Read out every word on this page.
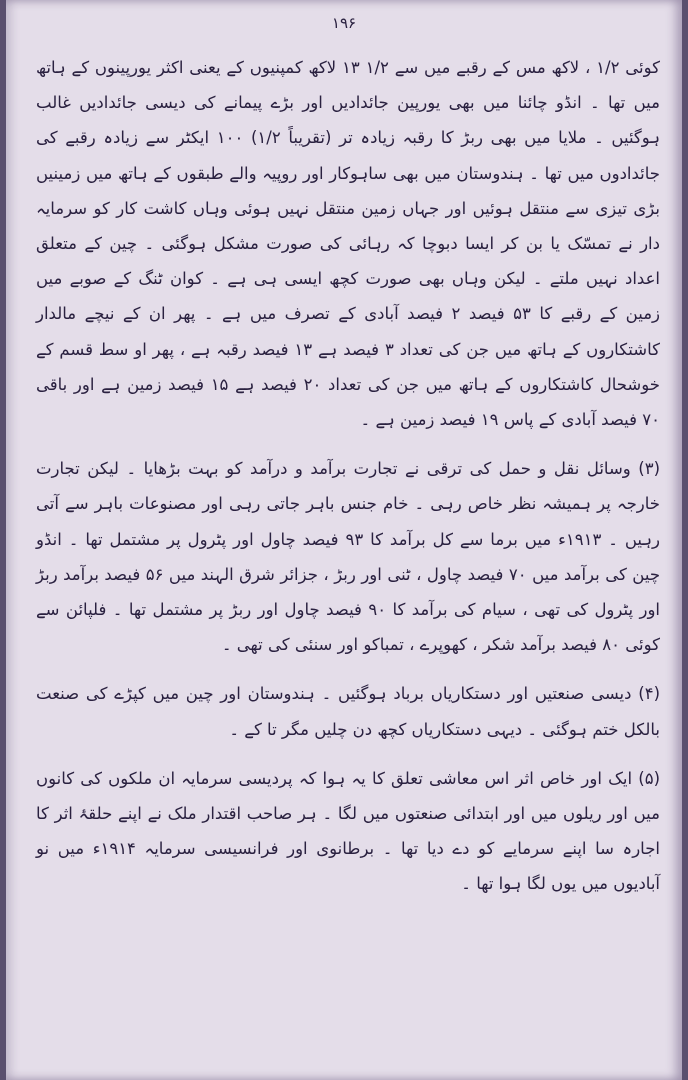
۱۹۶

کوئی ۱/۲ ، لاکھ مس کے رقبے میں سے ۱/۲ ۱۳ لاکھ کمپنیوں کے یعنی اکثر یورپینوں کے ہاتھ میں تھا ۔ انڈو چائنا میں بھی یورپین جائدادیں اور بڑے پیمانے کی دیسی جائدادیں غالب ہوگئیں ۔ ملایا میں بھی ربڑ کا رقبہ زیادہ تر (تقریباً ۱/۲) ۱۰۰ ایکٹر سے زیادہ رقبے کی جائدادوں میں تھا ۔ ہندوستان میں بھی ساہوکار اور روپیہ والے طبقوں کے ہاتھ میں زمینیں بڑی تیزی سے منتقل ہوئیں اور جہاں زمین منتقل نہیں ہوئی وہاں کاشت کار کو سرمایہ دار نے تمسّک یا بن کر ایسا دبوچا کہ رہائی کی صورت مشکل ہوگئی ۔ چین کے متعلق اعداد نہیں ملتے ۔ لیکن وہاں بھی صورت کچھ ایسی ہی ہے ۔ کوان ٹنگ کے صوبے میں زمین کے رقبے کا ۵۳ فیصد ۲ فیصد آبادی کے تصرف میں ہے ۔ پھر ان کے نیچے مالدار کاشتکاروں کے ہاتھ میں جن کی تعداد ۳ فیصد ہے ۱۳ فیصد رقبہ ہے ، پھر او سط قسم کے خوشحال کاشتکاروں کے ہاتھ میں جن کی تعداد ۲۰ فیصد ہے ۱۵ فیصد زمین ہے اور باقی ۷۰ فیصد آبادی کے پاس ۱۹ فیصد زمین ہے ۔

(۳) وسائل نقل و حمل کی ترقی نے تجارت برآمد و درآمد کو بہت بڑھایا ۔ لیکن تجارت خارجہ پر ہمیشہ نظر خاص رہی ۔ خام جنس باہر جاتی رہی اور مصنوعات باہر سے آتی رہیں ۔ ۱۹۱۳ء میں برما سے کل برآمد کا ۹۳ فیصد چاول اور پٹرول پر مشتمل تھا ۔ انڈو چین کی برآمد میں ۷۰ فیصد چاول ، ٹنی اور ربڑ ، جزائر شرق الہند میں ۵۶ فیصد برآمد ربڑ اور پٹرول کی تھی ، سیام کی برآمد کا ۹۰ فیصد چاول اور ربڑ پر مشتمل تھا ۔ فلپائن سے کوئی ۸۰ فیصد برآمد شکر ، کھوپرے ، تمباکو اور سنئی کی تھی ۔

(۴) دیسی صنعتیں اور دستکاریاں برباد ہوگئیں ۔ ہندوستان اور چین میں کپڑے کی صنعت بالکل ختم ہوگئی ۔ دیہی دستکاریاں کچھ دن چلیں مگر تا کے ۔

(۵) ایک اور خاص اثر اس معاشی تعلق کا یہ ہوا کہ پردیسی سرمایہ ان ملکوں کی کانوں میں اور ریلوں میں اور ابتدائی صنعتوں میں لگا ۔ ہر صاحب اقتدار ملک نے اپنے حلقۂ اثر کا اجارہ سا اپنے سرمایے کو دے دیا تھا ۔ برطانوی اور فرانسیسی سرمایہ ۱۹۱۴ء میں نو آبادیوں میں یوں لگا ہوا تھا ۔
